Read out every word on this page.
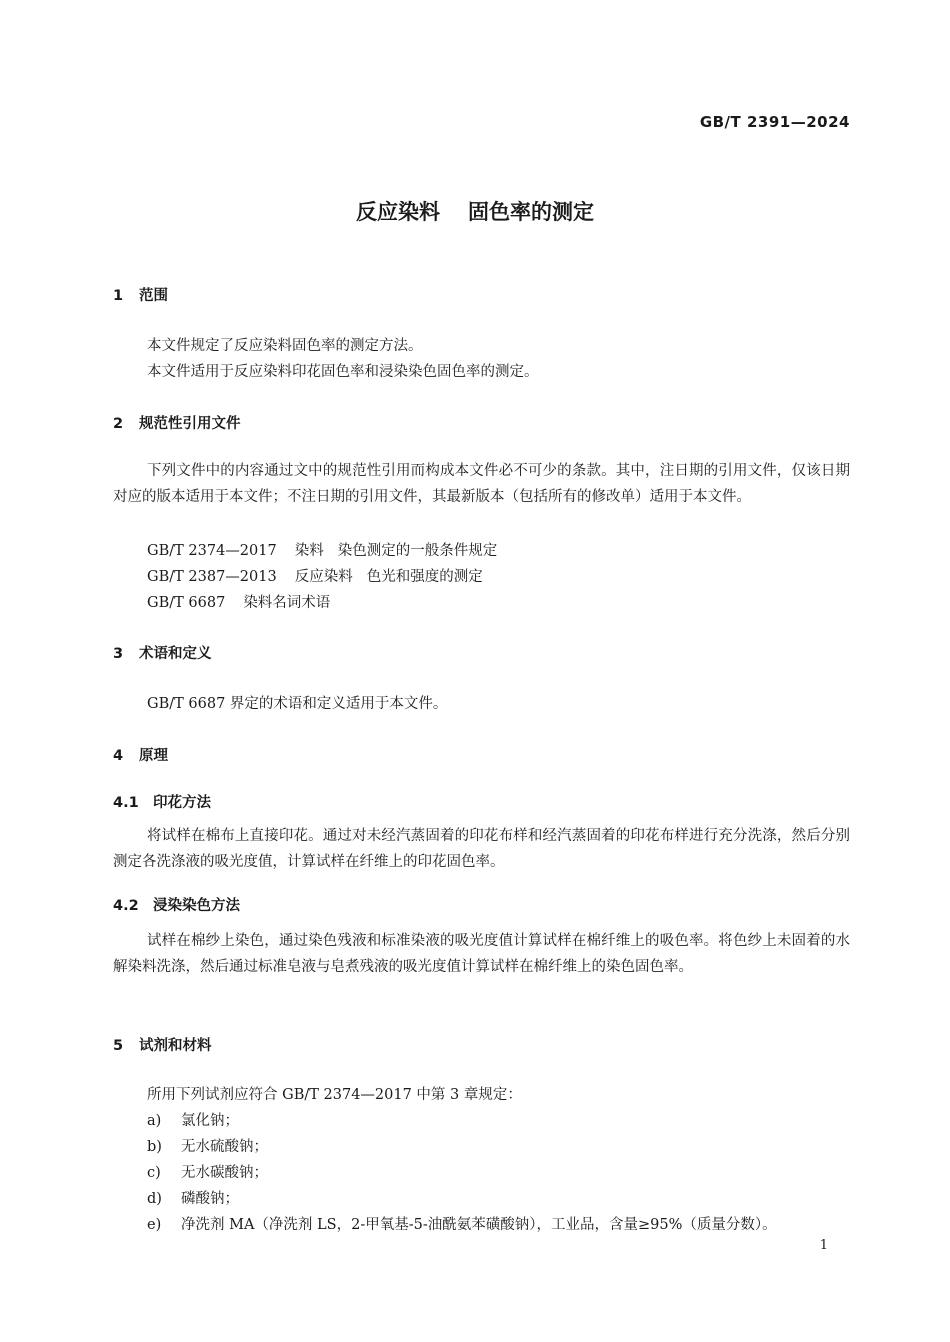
GB/T 2391—2024
反应染料 固色率的测定
1 范围
本文件规定了反应染料固色率的测定方法。
本文件适用于反应染料印花固色率和浸染染色固色率的测定。
2 规范性引用文件
下列文件中的内容通过文中的规范性引用而构成本文件必不可少的条款。其中，注日期的引用文件，仅该日期对应的版本适用于本文件；不注日期的引用文件，其最新版本（包括所有的修改单）适用于本文件。
GB/T 2374—2017 染料 染色测定的一般条件规定
GB/T 2387—2013 反应染料 色光和强度的测定
GB/T 6687 染料名词术语
3 术语和定义
GB/T 6687 界定的术语和定义适用于本文件。
4 原理
4.1 印花方法
将试样在棉布上直接印花。通过对未经汽蒸固着的印花布样和经汽蒸固着的印花布样进行充分洗涤，然后分别测定各洗涤液的吸光度值，计算试样在纤维上的印花固色率。
4.2 浸染染色方法
试样在棉纱上染色，通过染色残液和标准染液的吸光度值计算试样在棉纤维上的吸色率。将色纱上未固着的水解染料洗涤，然后通过标准皂液与皂煮残液的吸光度值计算试样在棉纤维上的染色固色率。
5 试剂和材料
所用下列试剂应符合 GB/T 2374—2017 中第 3 章规定：
a) 氯化钠；
b) 无水硫酸钠；
c) 无水碳酸钠；
d) 磷酸钠；
e) 净洗剂 MA（净洗剂 LS，2-甲氧基-5-油酰氨苯磺酸钠），工业品，含量≥95%（质量分数）。
1
